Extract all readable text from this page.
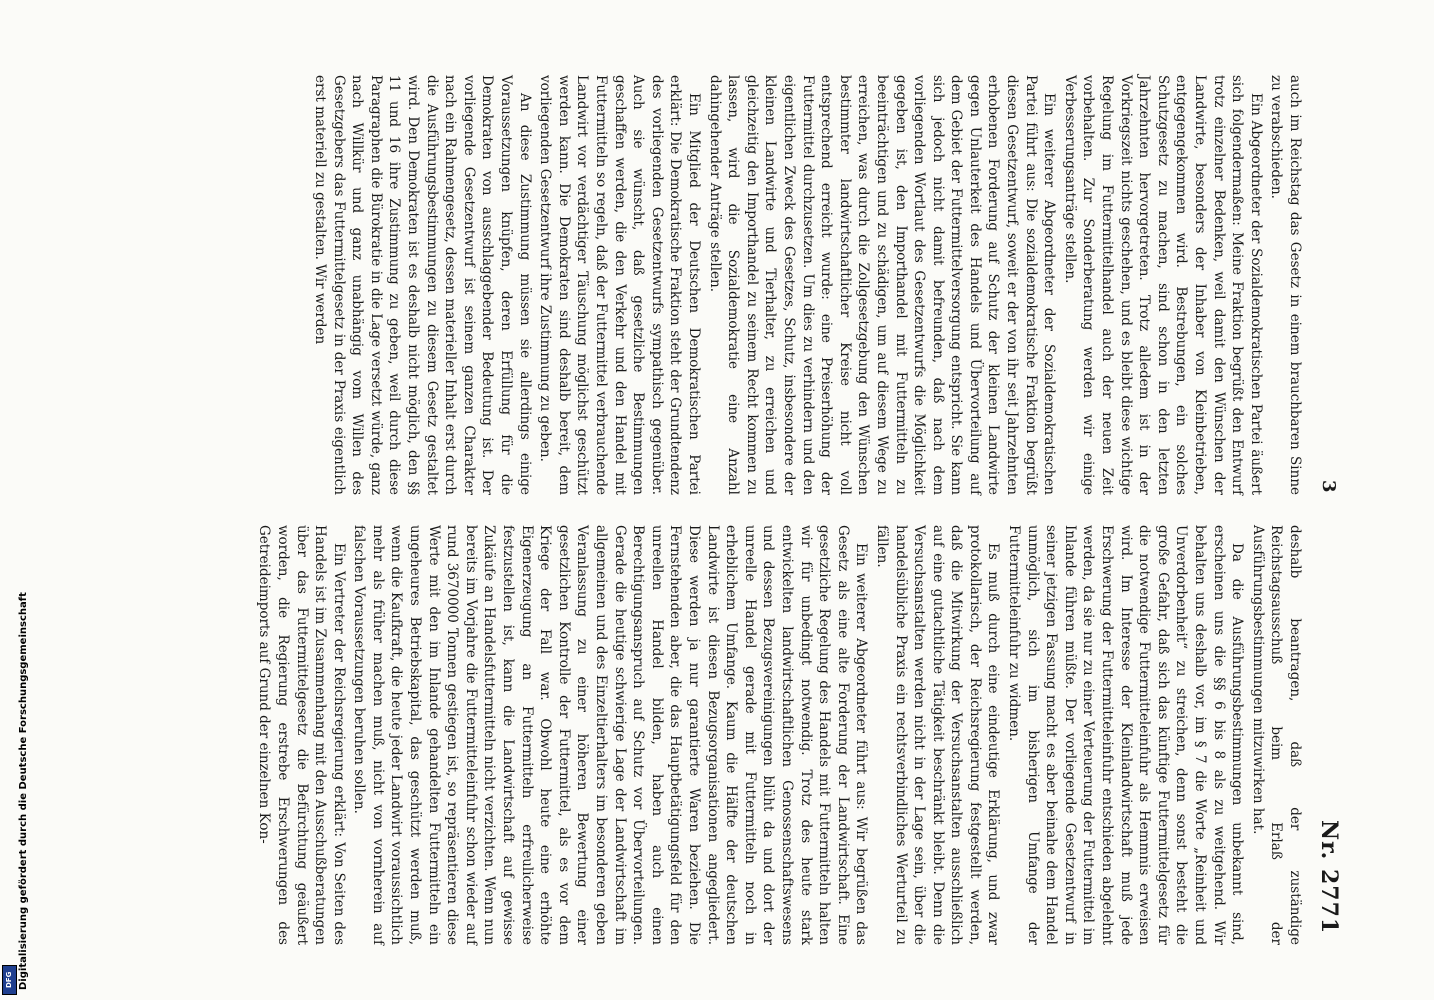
3
Nr. 2771

auch im Reichstag das Gesetz in einem brauchbaren Sinne zu verabschieden.

Ein Abgeordneter der Sozialdemokratischen Partei äußert sich folgendermaßen: Meine Fraktion begrüßt den Entwurf trotz einzelner Bedenken, weil damit den Wünschen der Landwirte, besonders der Inhaber von Kleinbetrieben, entgegengekommen wird. Bestrebungen, ein solches Schutzgesetz zu machen, sind schon in den letzten Jahrzehnten hervorgetreten. Trotz alledem ist in der Vorkriegszeit nichts geschehen, und es bleibt diese wichtige Regelung im Futtermittelhandel auch der neuen Zeit vorbehalten. Zur Sonderberatung werden wir einige Verbesserungsanträge stellen.

Ein weiterer Abgeordneter der Sozialdemokratischen Partei führt aus: Die sozialdemokratische Fraktion begrüßt diesen Gesetzentwurf, soweit er der von ihr seit Jahrzehnten erhobenen Forderung auf Schutz der kleinen Landwirte gegen Unlauterkeit des Handels und Übervorteilung auf dem Gebiet der Futtermittelversorgung entspricht. Sie kann sich jedoch nicht damit befreunden, daß nach dem vorliegenden Wortlaut des Gesetzentwurfs die Möglichkeit gegeben ist, den Importhandel mit Futtermitteln zu beeinträchtigen und zu schädigen, um auf diesem Wege zu erreichen, was durch die Zollgesetzgebung den Wünschen bestimmter landwirtschaftlicher Kreise nicht voll entsprechend erreicht wurde: eine Preiserhöhung der Futtermittel durchzusetzen. Um dies zu verhindern und den eigentlichen Zweck des Gesetzes, Schutz, insbesondere der kleinen Landwirte und Tierhalter, zu erreichen und gleichzeitig den Importhandel zu seinem Recht kommen zu lassen, wird die Sozialdemokratie eine Anzahl dahingehender Anträge stellen.

Ein Mitglied der Deutschen Demokratischen Partei erklärt: Die Demokratische Fraktion steht der Grundtendenz des vorliegenden Gesetzentwurfs sympathisch gegenüber. Auch sie wünscht, daß gesetzliche Bestimmungen geschaffen werden, die den Verkehr und den Handel mit Futtermitteln so regeln, daß der Futtermittel verbrauchende Landwirt vor verdächtiger Täuschung möglichst geschützt werden kann. Die Demokraten sind deshalb bereit, dem vorliegenden Gesetzentwurf ihre Zustimmung zu geben.

An diese Zustimmung müssen sie allerdings einige Voraussetzungen knüpfen, deren Erfüllung für die Demokraten von ausschlaggebender Bedeutung ist. Der vorliegende Gesetzentwurf ist seinem ganzen Charakter nach ein Rahmengesetz, dessen materieller Inhalt erst durch die Ausführungsbestimmungen zu diesem Gesetz gestaltet wird. Den Demokraten ist es deshalb nicht möglich, den §§ 11 und 16 ihre Zustimmung zu geben, weil durch diese Paragraphen die Bürokratie in die Lage versetzt würde, ganz nach Willkür und ganz unabhängig vom Willen des Gesetzgebers das Futtermittelgesetz in der Praxis eigentlich erst materiell zu gestalten. Wir werden

deshalb beantragen, daß der zuständige Reichstagsausschuß beim Erlaß der Ausführungsbestimmungen mitzuwirken hat.

Da die Ausführungsbestimmungen unbekannt sind, erscheinen uns die §§ 6 bis 8 als zu weitgehend. Wir behalten uns deshalb vor, im § 7 die Worte „Reinheit und Unverdorbenheit“ zu streichen, denn sonst besteht die große Gefahr, daß sich das künftige Futtermittelgesetz für die notwendige Futtermitteleinfuhr als Hemmnis erweisen wird. Im Interesse der Kleinlandwirtschaft muß jede Erschwerung der Futtermitteleinfuhr entschieden abgelehnt werden, da sie nur zu einer Verteuerung der Futtermittel im Inlande führen müßte. Der vorliegende Gesetzentwurf in seiner jetzigen Fassung macht es aber beinahe dem Handel unmöglich, sich im bisherigen Umfange der Futtermitteleinfuhr zu widmen.

Es muß durch eine eindeutige Erklärung, und zwar protokollarisch, der Reichsregierung festgestellt werden, daß die Mitwirkung der Versuchsanstalten ausschließlich auf eine gutachtliche Tätigkeit beschränkt bleibt. Denn die Versuchsanstalten werden nicht in der Lage sein, über die handelsübliche Praxis ein rechtsverbindliches Werturteil zu fällen.

Ein weiterer Abgeordneter führt aus: Wir begrüßen das Gesetz als eine alte Forderung der Landwirtschaft. Eine gesetzliche Regelung des Handels mit Futtermitteln halten wir für unbedingt notwendig. Trotz des heute stark entwickelten landwirtschaftlichen Genossenschaftswesens und dessen Bezugsvereinigungen blüht da und dort der unreelle Handel gerade mit Futtermitteln noch in erheblichem Umfange. Kaum die Hälfte der deutschen Landwirte ist diesen Bezugsorganisationen angegliedert. Diese werden ja nur garantierte Waren beziehen. Die Fernstehenden aber, die das Hauptbetätigungsfeld für den unreellen Handel bilden, haben auch einen Berechtigungsanspruch auf Schutz vor Übervorteilungen. Gerade die heutige schwierige Lage der Landwirtschaft im allgemeinen und des Einzeltierhalters im besonderen geben Veranlassung zu einer höheren Bewertung einer gesetzlichen Kontrolle der Futtermittel, als es vor dem Kriege der Fall war. Obwohl heute eine erhöhte Eigenerzeugung an Futtermitteln erfreulicherweise festzustellen ist, kann die Landwirtschaft auf gewisse Zukäufe an Handelsfuttermitteln nicht verzichten. Wenn nun bereits im Vorjahre die Futtermitteleinfuhr schon wieder auf rund 3670000 Tonnen gestiegen ist, so repräsentieren diese Werte mit den im Inlande gehandelten Futtermitteln ein ungeheures Betriebskapital, das geschützt werden muß, wenn die Kaufkraft, die heute jeder Landwirt voraussichtlich mehr als früher machen muß, nicht von vornherein auf falschen Voraussetzungen beruhen sollen.

Ein Vertreter der Reichsregierung erklärt: Von Seiten des Handels ist im Zusammenhang mit den Ausschußberatungen über das Futtermittelgesetz die Befürchtung geäußert worden, die Regierung erstrebe Erschwerungen des Getreideimports auf Grund der einzelnen Kon-

Digitalisierung gefördert durch die Deutsche Forschungsgemeinschaft
DFG
